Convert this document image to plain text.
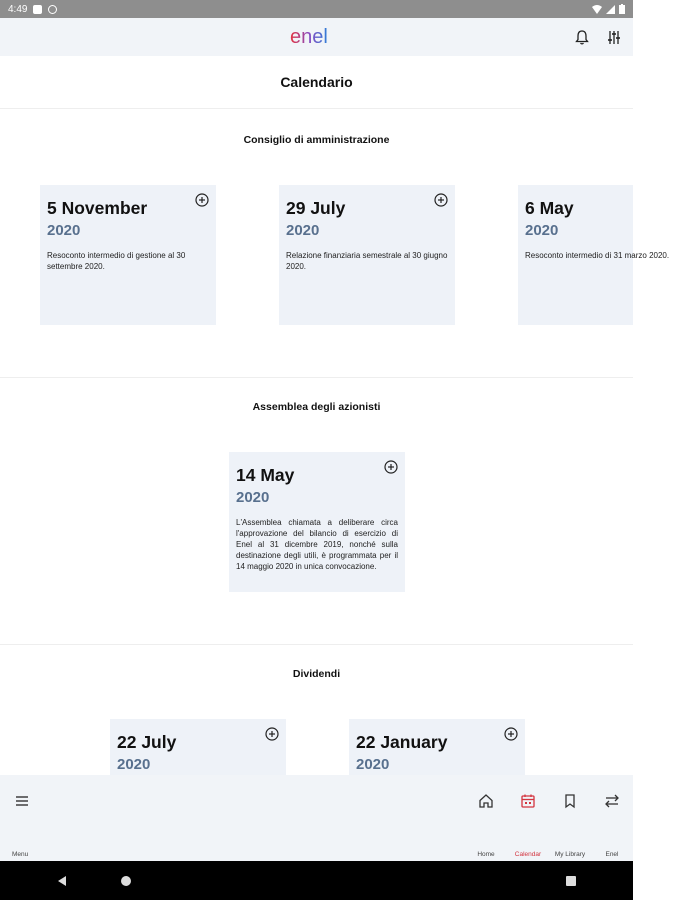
4:49
enel
Calendario
Consiglio di amministrazione
5 November
2020
Resoconto intermedio di gestione al 30 settembre 2020.
29 July
2020
Relazione finanziaria semestrale al 30 giugno 2020.
6 May
2020
Resoconto intermedio di 31 marzo 2020.
Assemblea degli azionisti
14 May
2020
L'Assemblea chiamata a deliberare circa l'approvazione del bilancio di esercizio di Enel al 31 dicembre 2019, nonché sulla destinazione degli utili, è programmata per il 14 maggio 2020 in unica convocazione.
Dividendi
22 July
2020
22 January
2020
Menu	Home	Calendar	My Library	Enel
